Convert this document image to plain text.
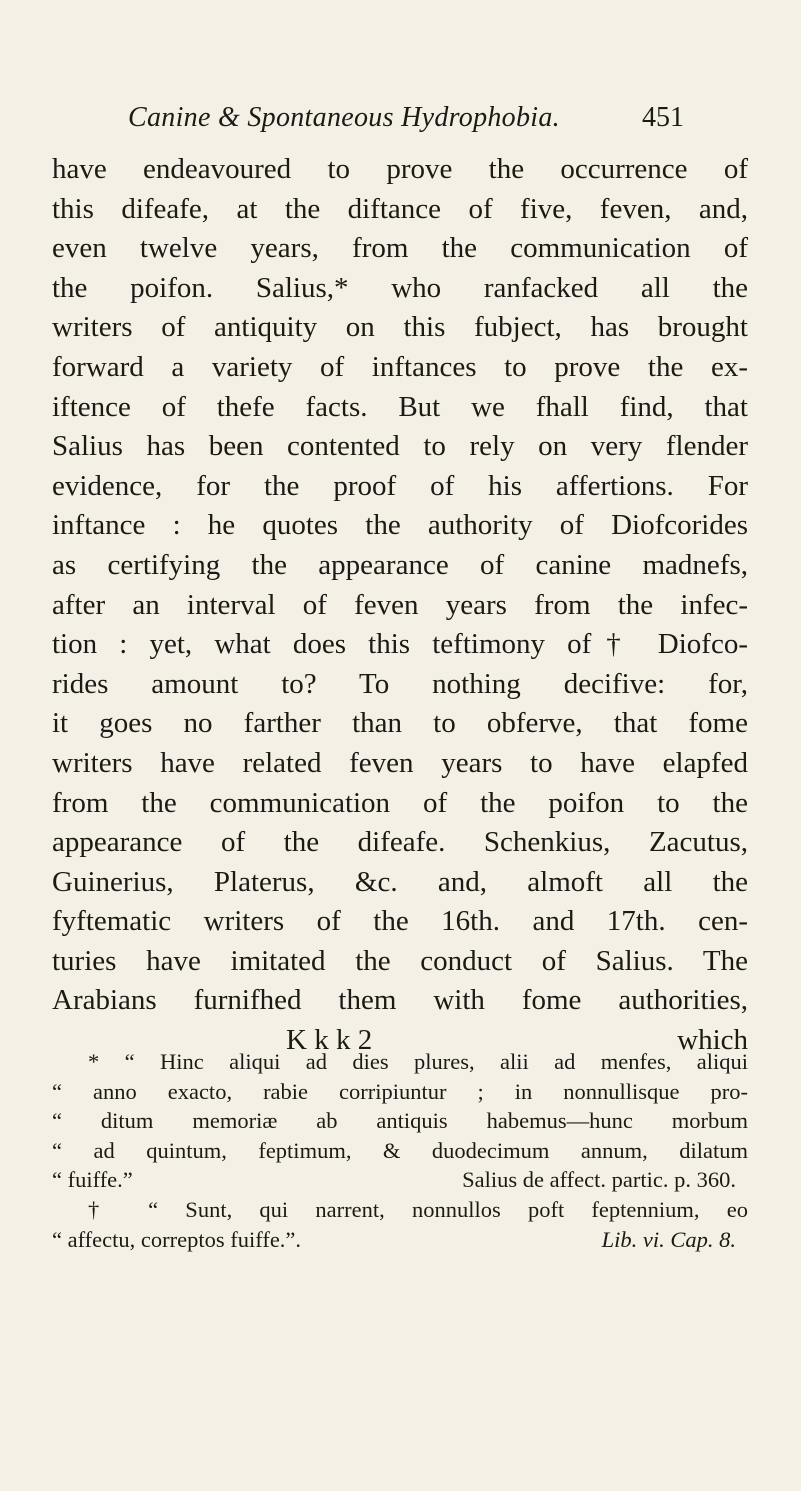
Canine & Spontaneous Hydrophobia.	451
have endeavoured to prove the occurrence of
this difeafe, at the diftance of five, feven, and,
even twelve years, from the communication of
the poifon. Salius,* who ranfacked all the
writers of antiquity on this fubject, has brought
forward a variety of inftances to prove the ex-
iftence of thefe facts. But we fhall find, that
Salius has been contented to rely on very flender
evidence, for the proof of his affertions. For
inftance : he quotes the authority of Diofcorides
as certifying the appearance of canine madnefs,
after an interval of feven years from the infec-
tion : yet, what does this teftimony of† Diofco-
rides amount to? To nothing decifive: for,
it goes no farther than to obferve, that fome
writers have related feven years to have elapfed
from the communication of the poifon to the
appearance of the difeafe. Schenkius, Zacutus,
Guinerius, Platerus, &c. and, almoft all the
fyftematic writers of the 16th. and 17th. cen-
turies have imitated the conduct of Salius. The
Arabians furnifhed them with fome authorities,
K k k 2	which
* “ Hinc aliqui ad dies plures, alii ad menfes, aliqui
“ anno exacto, rabie corripiuntur ; in nonnullisque pro-
“ ditum memoriæ ab antiquis habemus—hunc morbum
“ ad quintum, feptimum, & duodecimum annum, dilatum
“ fuiffe.”	Salius de affect. partic. p. 360.
† “ Sunt, qui narrent, nonnullos poft feptennium, eo
“ affectu, correptos fuiffe.”.	Lib. vi. Cap. 8.
